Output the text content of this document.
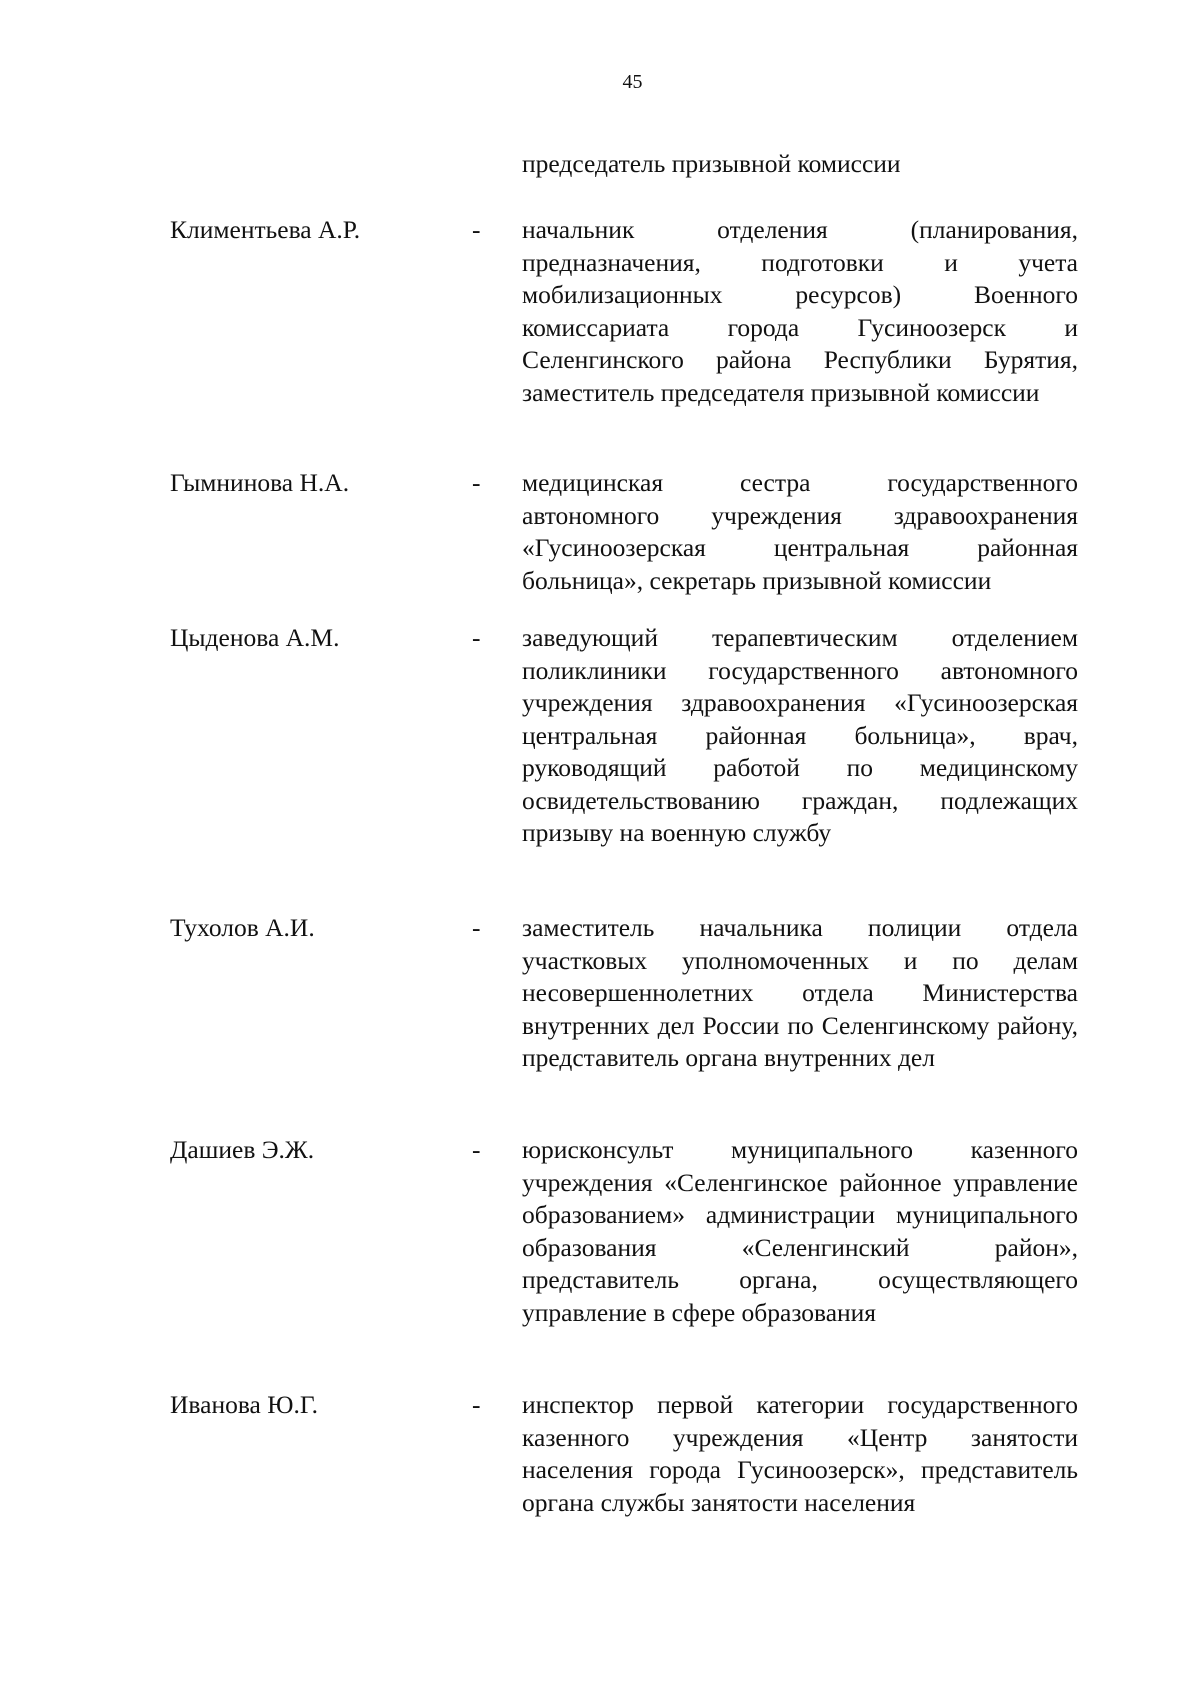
45
председатель призывной комиссии
Климентьева А.Р.	- начальник отделения (планирования, предназначения, подготовки и учета мобилизационных ресурсов) Военного комиссариата города Гусиноозерск и Селенгинского района Республики Бурятия, заместитель председателя призывной комиссии
Гымнинова Н.А.	- медицинская сестра государственного автономного учреждения здравоохранения «Гусиноозерская центральная районная больница», секретарь призывной комиссии
Цыденова А.М.	- заведующий терапевтическим отделением поликлиники государственного автономного учреждения здравоохранения «Гусиноозерская центральная районная больница», врач, руководящий работой по медицинскому освидетельствованию граждан, подлежащих призыву на военную службу
Тухолов А.И.	- заместитель начальника полиции отдела участковых уполномоченных и по делам несовершеннолетних отдела Министерства внутренних дел России по Селенгинскому району, представитель органа внутренних дел
Дашиев Э.Ж.	- юрисконсульт муниципального казенного учреждения «Селенгинское районное управление образованием» администрации муниципального образования «Селенгинский район», представитель органа, осуществляющего управление в сфере образования
Иванова Ю.Г.	- инспектор первой категории государственного казенного учреждения «Центр занятости населения города Гусиноозерск», представитель органа службы занятости населения
